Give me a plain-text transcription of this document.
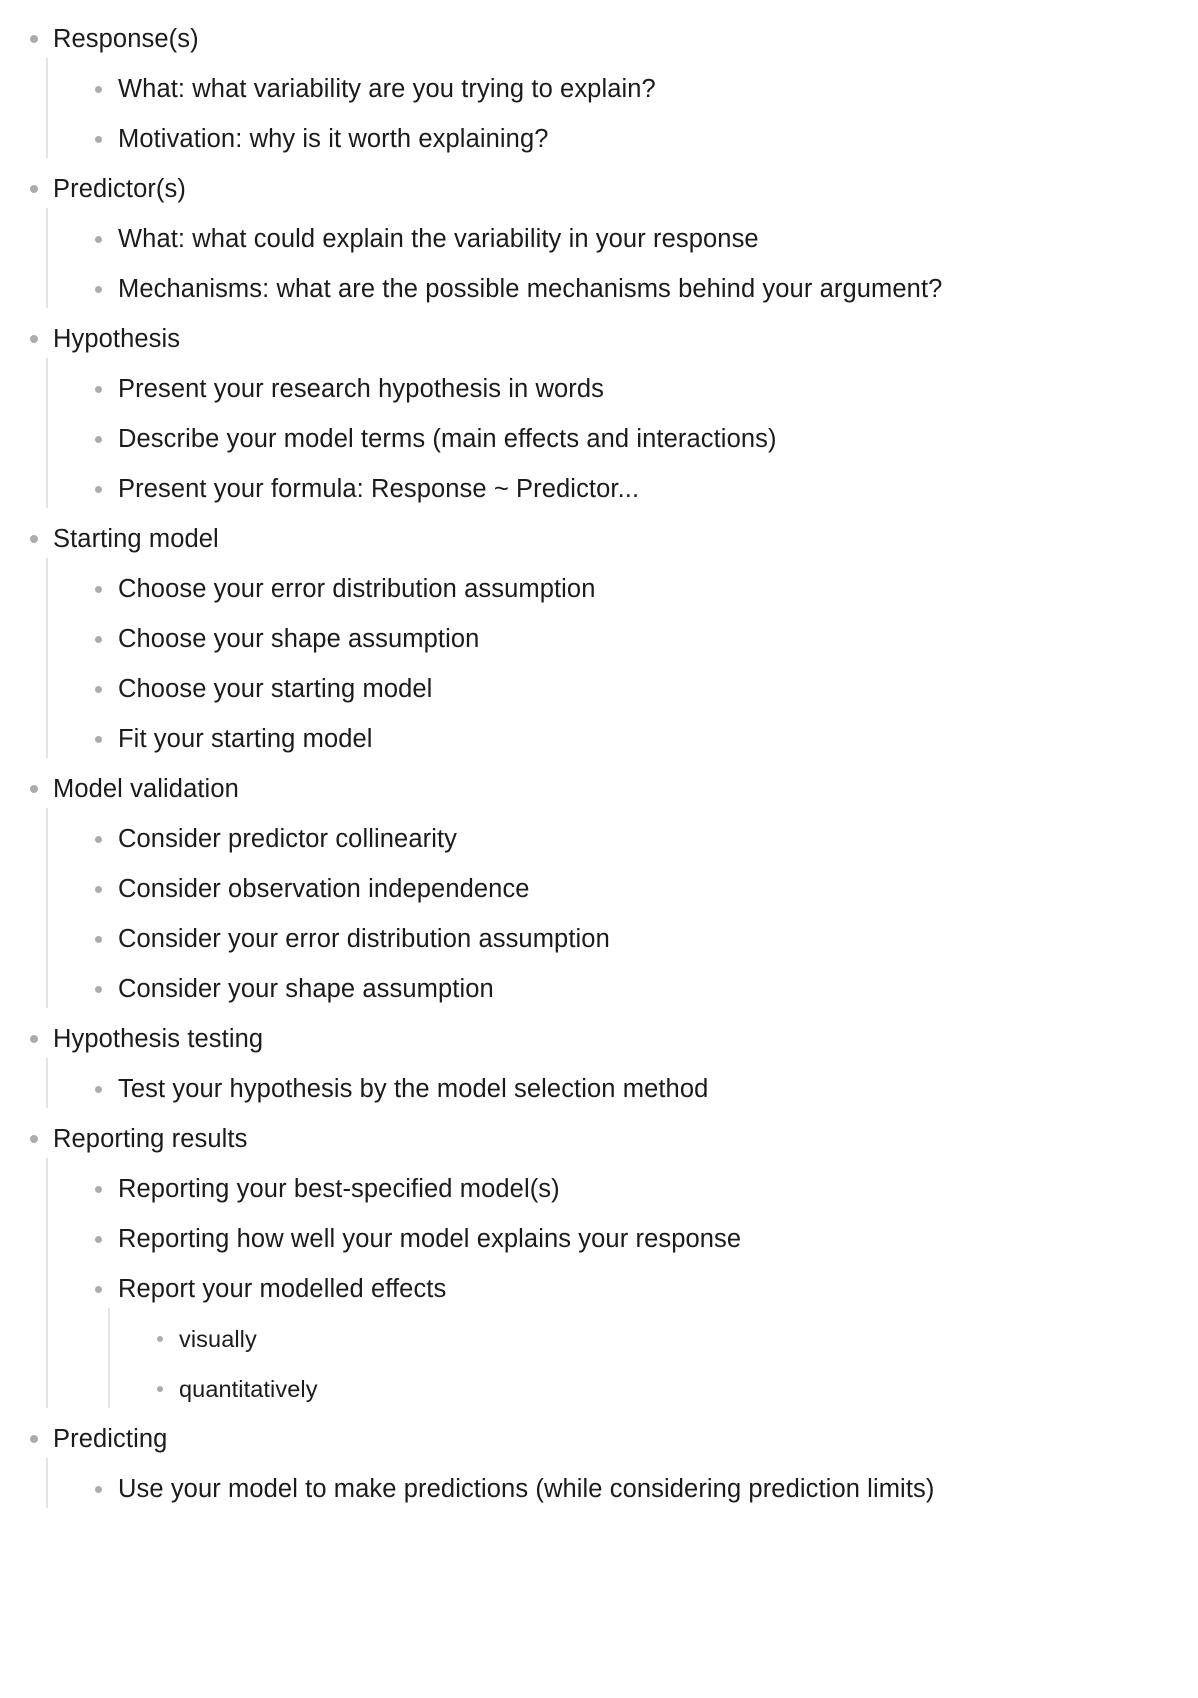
Response(s)
What: what variability are you trying to explain?
Motivation: why is it worth explaining?
Predictor(s)
What: what could explain the variability in your response
Mechanisms: what are the possible mechanisms behind your argument?
Hypothesis
Present your research hypothesis in words
Describe your model terms (main effects and interactions)
Present your formula: Response ~ Predictor...
Starting model
Choose your error distribution assumption
Choose your shape assumption
Choose your starting model
Fit your starting model
Model validation
Consider predictor collinearity
Consider observation independence
Consider your error distribution assumption
Consider your shape assumption
Hypothesis testing
Test your hypothesis by the model selection method
Reporting results
Reporting your best-specified model(s)
Reporting how well your model explains your response
Report your modelled effects
visually
quantitatively
Predicting
Use your model to make predictions (while considering prediction limits)
